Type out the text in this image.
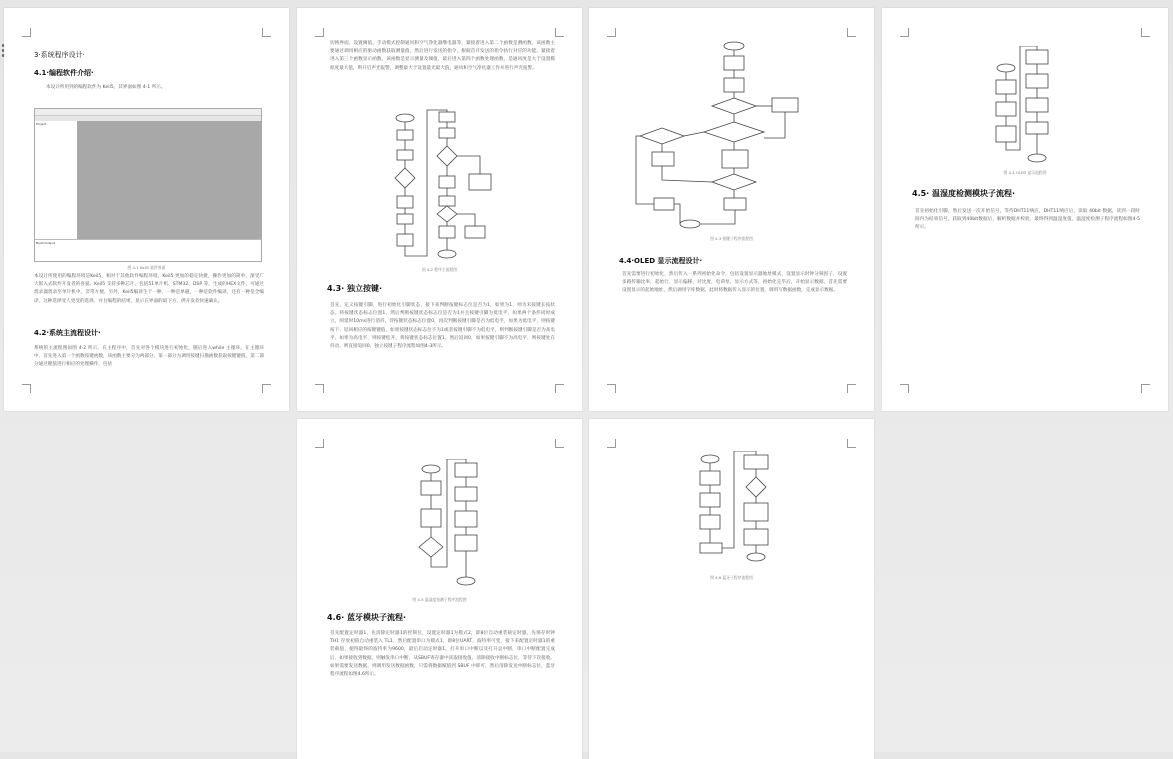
3·系统程序设计·
4.1·编程软件介绍·
本设计所用到的编程软件为 Keil5，其界面如图 4-1 所示。
Project
Build Output
图 4-1 Keil5 软件界面
本设计所使用的编程环境是Keil5，相对于其他软件编程环境，Keil5 更加的稳定快捷，操作更加的简单，深受广大嵌入式软件开发者的喜爱。Keil5 支持多种芯片，包括51单片机、STM32、DSP 等，生成的HEX文件，可通过烧录器烧录至单片机中，非常方便。另外，Keil5编译生于一种，一种是单磁，一种是软件编译，还有一种是全编译，这种选择受人更受的选择，并且编程的结果，显示在界面的最下方，供开发者快速确认。
4.2·系统主流程设计·
系统的主流程图如图 4-2 所示。在主程序中，首先对各个模块进行初始化，随后进入while 主循环。在主循环中，首先进入第一个函数按键函数，该函数主要分为两部分，第一部分为调用按键扫描函数获取按键键值，第二部分通过键值进行相应的处理操作，包括
切换界面、设置阈值、手动模式控制通风和空气净化器继电器等，紧接着进入第二个函数是测函数，该函数主要通过调用相应的驱动函数获取测量值，然后进行发送的指令，根据首开发送的指令执行对应的功能。紧接着进入第三个函数显示函数，该函数是显示测量及阈值，最后进入第四个函数处理函数，是通风度是大于设置模拟度最大值，则开启声光报警，调整最大于设置最光最大值，通风和空气净化器工作并进行声光报警。
图 4-2 程序主流程图
4.3· 独立按键·
首先，定义按键引脚，进行初始化引脚状态，接下来判断按键标志位是否为1，如果为1，则为未按键长按状态。将按键状态标志位置1，然后判断按键状态标志位是否为1并且按键引脚为低电平，如果两个条件同时成立，则延时10ms进行消抖，待按键状态标志位置0，再次判断按键引脚是否为低电平，如果为低电平，则按键按下，返回相应的按键键值，如果按键状态标志位不为1或者按键引脚不为低电平，则判断按键引脚是否为高电平，如果为高电平，则按键松开，将按键状态标志位置1，然后返回0，如果按键引脚不为高电平，则按键处在抖动，则直接返回0。独立按键子程序流程如图4-3所示。
图 4-3 按键子程序流程图
4.4·OLED 显示流程设计·
首先需要进行初始化，然后传入一系列初始化命令，包括设置显示器地址模式，设置显示时钟分频因子，设置多路传输比率，起始行，显示偏移，对比度，电荷泵，显示方式等，初始化完毕后，开始显示数据，首先需要设置显示的起始地址，然后调用字库数据，此时将数据传入显示的位置，调用写数据函数，完成显示数据。
图 4-4 OLED 显示流程图
4.5· 温湿度检测模块子流程·
首先初始化引脚，然后发送一次开始信号，等待DHT11响应，DHT11响应后，读取 40bit 数据，读到一段时间内为结束信号，获取到40bit数据后，解析数据并校验，最终得到温湿度值，温湿度检测子程序流程如图4-5所示。
图 4-5 温湿度检测子程序流程图
4.6· 蓝牙模块子流程·
首先配置定时器1，先清除定时器1的控制位，设置定时器1为模式2，即8位自动重装载定时器，先保存时钟 TH1 存放初值自动重装入 TL1，然后配置串口为模式1，即8位UART，波特率可变，接下来配置定时器1的重装载值，使得最终的波特率为9600，最后启动定时器1，打开串口中断以及打开总中断，串口中断配置完成后，如果接收到数据，则触发串口中断，从SBUF寄存器中读取接收值，清除接收中断标志位，等待下次接收。如果需要发送数据，则调用发送数据函数，只需将数据赋值到 SBUF 中即可，然后清除发送中断标志位，蓝牙程序流程如图4.6所示。
图 4-6 蓝牙子程序流程图
